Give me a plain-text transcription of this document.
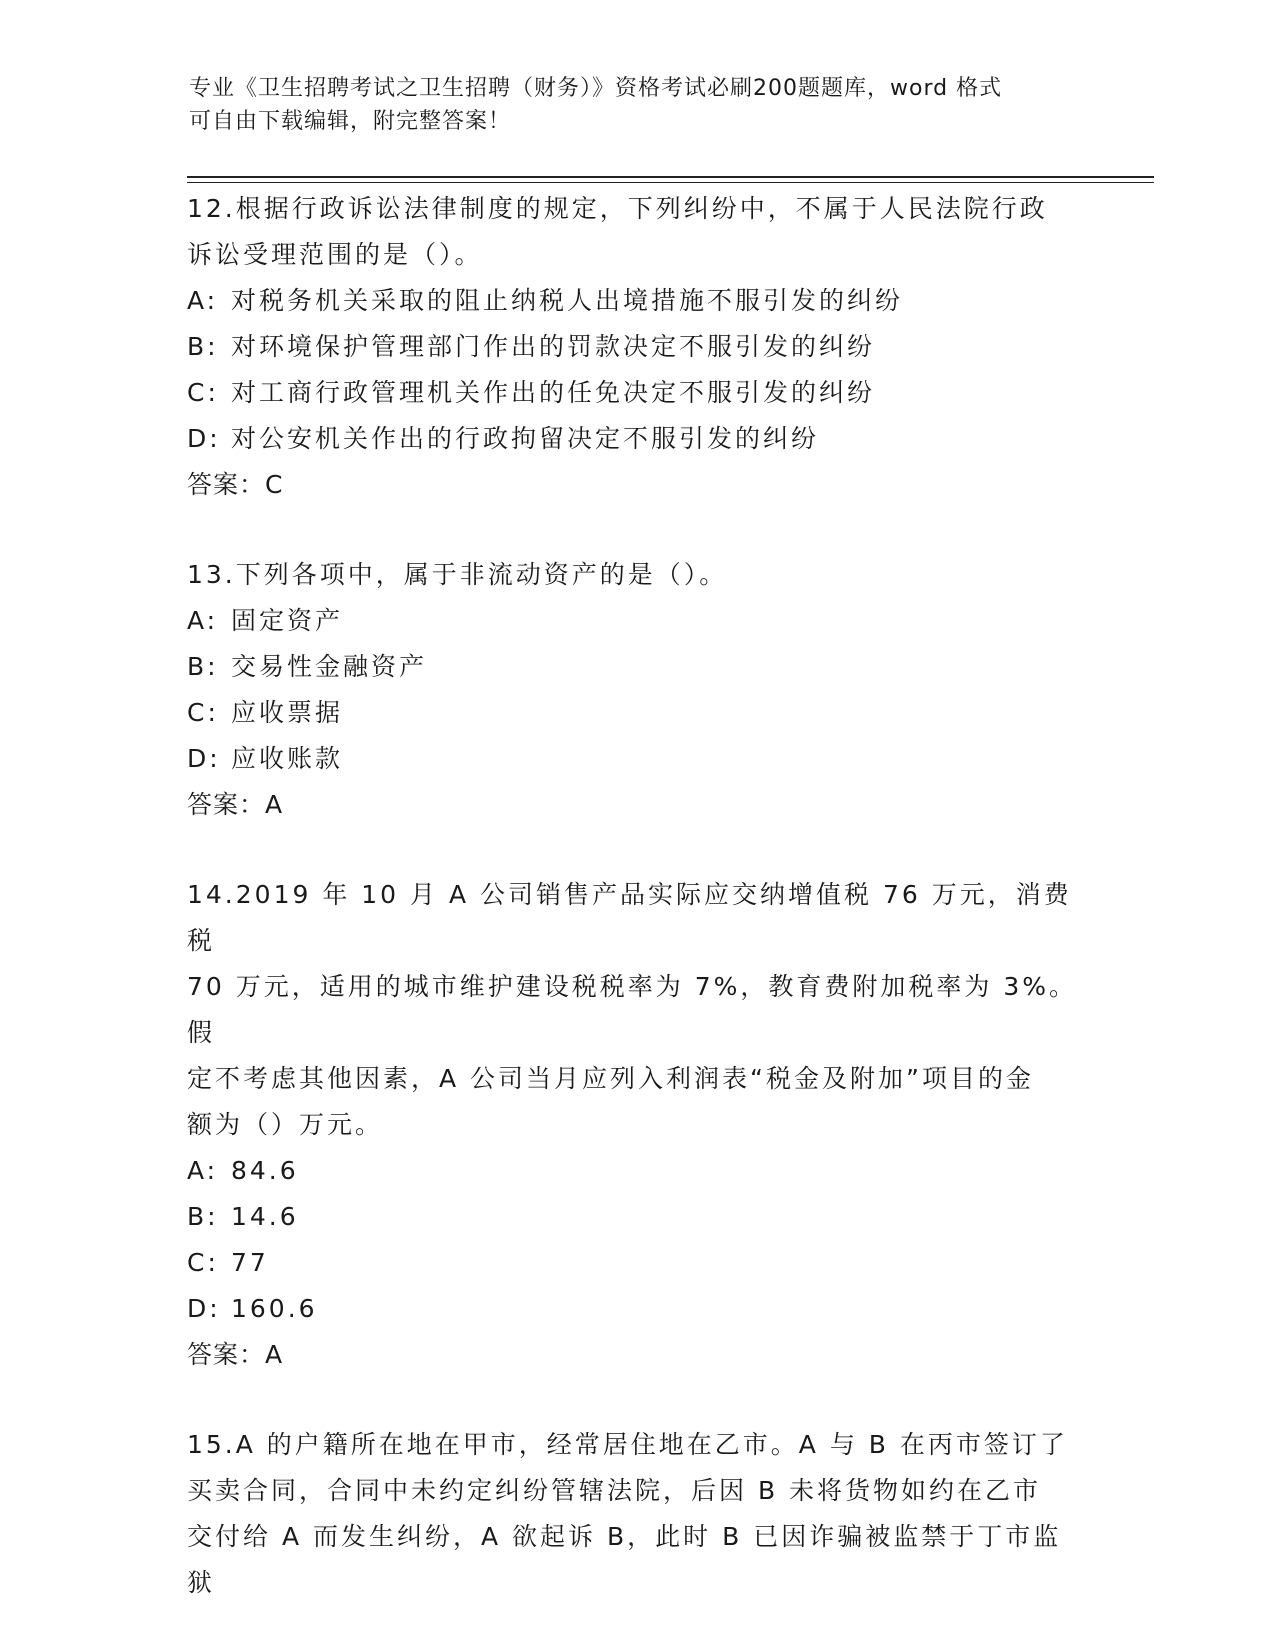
专业《卫生招聘考试之卫生招聘（财务）》资格考试必刷200题题库，word 格式
可自由下载编辑，附完整答案！
12.根据行政诉讼法律制度的规定，下列纠纷中，不属于人民法院行政
诉讼受理范围的是（）。
A: 对税务机关采取的阻止纳税人出境措施不服引发的纠纷
B: 对环境保护管理部门作出的罚款决定不服引发的纠纷
C: 对工商行政管理机关作出的任免决定不服引发的纠纷
D: 对公安机关作出的行政拘留决定不服引发的纠纷
答案：C
13.下列各项中，属于非流动资产的是（）。
A: 固定资产
B: 交易性金融资产
C: 应收票据
D: 应收账款
答案：A
14.2019 年 10 月 A 公司销售产品实际应交纳增值税 76 万元，消费税
70 万元，适用的城市维护建设税税率为 7%，教育费附加税率为 3%。假
定不考虑其他因素，A 公司当月应列入利润表“税金及附加”项目的金
额为（）万元。
A: 84.6
B: 14.6
C: 77
D: 160.6
答案：A
15.A 的户籍所在地在甲市，经常居住地在乙市。A 与 B 在丙市签订了
买卖合同，合同中未约定纠纷管辖法院，后因 B 未将货物如约在乙市
交付给 A 而发生纠纷，A 欲起诉 B，此时 B 已因诈骗被监禁于丁市监狱
